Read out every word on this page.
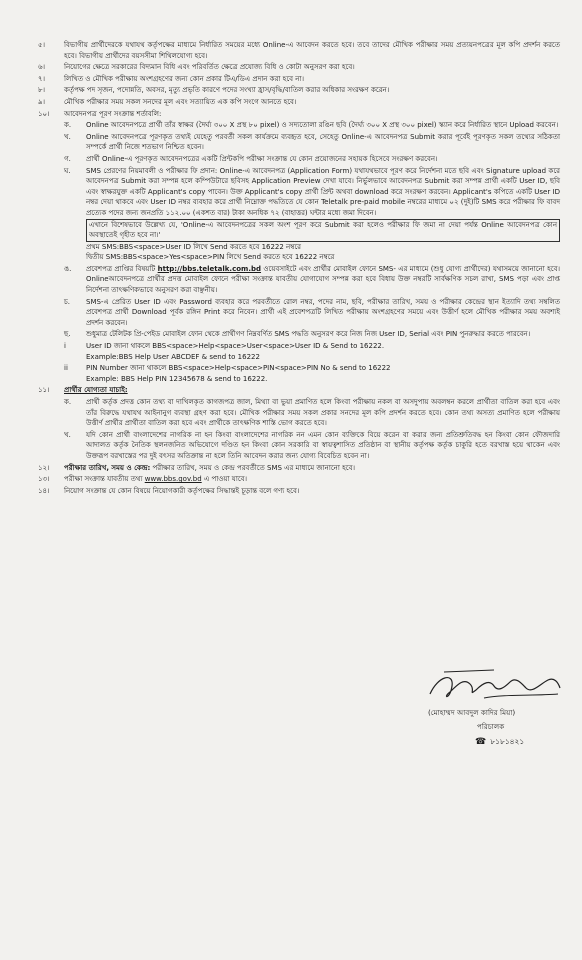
৫।	বিভাগীয় প্রার্থীদেরকে যথাযথ কর্তৃপক্ষের মাধ্যমে নির্ধারিত সময়ের মধ্যে Online-এ আবেদন করতে হবে। তবে তাদের মৌখিক পরীক্ষার সময় প্রত্যয়নপত্রের মূল কপি প্রদর্শন করতে হবে। বিভাগীয় প্রার্থীদের বয়সসীমা শিথিলযোগ্য হবে।
৬।	নিয়োগের ক্ষেত্রে সরকারের বিদ্যমান বিধি এবং পরিবর্তিত ক্ষেত্রে প্রযোজ্য বিধি ও কোটা অনুসরণ করা হবে।
৭।	লিখিত ও মৌখিক পরীক্ষায় অংশগ্রহণের জন্য কোন প্রকার টিএ/ডিএ প্রদান করা হবে না।
৮।	কর্তৃপক্ষ পদ সৃজন, পদোন্নতি, অবসর, মৃত্যু প্রভৃতি কারণে পদের সংখ্যা হ্রাস/বৃদ্ধি/বাতিল করার অধিকার সংরক্ষণ করেন।
৯।	মৌখিক পরীক্ষার সময় সকল সনদের মূল এবং সত্যায়িত এক কপি সংগে আনতে হবে।
১০।	আবেদনপত্র পূরণ সংক্রান্ত শর্তাবলি:
ক.	Online আবেদনপত্রে প্রার্থী তাঁর স্বাক্ষর (দৈর্ঘ্য ৩০০ X প্রস্থ ৮০ pixel) ও সদ্যতোলা রঙিন ছবি (দৈর্ঘ্য ৩০০ X প্রস্থ ৩০০ pixel) স্ক্যান করে নির্ধারিত স্থানে Upload করবেন।
খ.	Online আবেদনপত্রে পূরণকৃত তথ্যই যেহেতু পরবর্তী সকল কার্যক্রমে ব্যবহৃত হবে, সেহেতু Online-এ আবেদনপত্র Submit করার পূর্বেই পূরণকৃত সকল তথ্যের সঠিকতা সম্পর্কে প্রার্থী নিজে শতভাগ নিশ্চিত হবেন।
গ.	প্রার্থী Online-এ পূরণকৃত আবেদনপত্রের একটি প্রিন্টকপি পরীক্ষা সংক্রান্ত যে কোন প্রয়োজনের সহায়ক হিসেবে সংরক্ষণ করবেন।
ঘ.	SMS প্রেরণের নিয়মাবলী ও পরীক্ষার ফি প্রদান: Online-এ আবেদনপত্র (Application Form) যথাযথভাবে পূরণ করে নির্দেশনা মতে ছবি এবং Signature upload করে আবেদনপত্র Submit করা সম্পন্ন হলে কম্পিউটারে ছবিসহ Application Preview দেখা যাবে। নির্ভুলভাবে আবেদনপত্র Submit করা সম্পন্ন প্রার্থী একটি User ID, ছবি এবং স্বাক্ষরযুক্ত একটি Applicant's copy পাবেন। উক্ত Applicant's copy প্রার্থী প্রিন্ট অথবা download করে সংরক্ষণ করবেন। Applicant's কপিতে একটি User ID নম্বর দেয়া থাকবে এবং User ID নম্বর ব্যবহার করে প্রার্থী নিম্নোক্ত পদ্ধতিতে যে কোন Teletalk pre-paid mobile নম্বরের মাধ্যমে ০২ (দুই)টি SMS করে পরীক্ষার ফি বাবদ প্রত্যেক পদের জন্য জনপ্রতি ১১২.০০ (একশত বার) টাকা অনধিক ৭২ (বাহাত্তর) ঘন্টার মধ্যে জমা দিবেন।
এখানে বিশেষভাবে উল্লেখ্য যে, 'Online-এ আবেদনপত্রের সকল অংশ পূরণ করে Submit করা হলেও পরীক্ষার ফি জমা না দেয়া পর্যন্ত Online আবেদনপত্র কোন অবস্থাতেই গৃহীত হবে না।'
প্রথম SMS:BBS<space>User ID লিখে Send করতে হবে 16222 নম্বরে
দ্বিতীয় SMS:BBS<space>Yes<space>PIN লিখে Send করতে হবে 16222 নম্বরে
ঙ.	প্রবেশপত্র প্রাপ্তির বিষয়টি http://bbs.teletalk.com.bd ওয়েবসাইটে এবং প্রার্থীর মোবাইল ফোনে SMS- এর মাধ্যমে (শুধু যোগ্য প্রার্থীদের) যথাসময়ে জানানো হবে। Onlineআবেদনপত্রে প্রার্থীর প্রদত্ত মোবাইল ফোনে পরীক্ষা সংক্রান্ত যাবতীয় যোগাযোগ সম্পন্ন করা হবে বিধায় উক্ত নম্বরটি সার্বক্ষণিক সচল রাখা, SMS পড়া এবং প্রাপ্ত নির্দেশনা তাৎক্ষণিকভাবে অনুসরণ করা বাঞ্ছনীয়।
চ.	SMS-এ প্রেরিত User ID এবং Password ব্যবহার করে পরবর্তীতে রোল নম্বর, পদের নাম, ছবি, পরীক্ষার তারিখ, সময় ও পরীক্ষার কেন্দ্রের স্থান ইত্যাদি তথ্য সম্বলিত প্রবেশপত্র প্রার্থী Download পূর্বক রঙ্গিন Print করে নিবেন। প্রার্থী এই প্রবেশপত্রটি লিখিত পরীক্ষায় অংশগ্রহণের সময়ে এবং উত্তীর্ণ হলে মৌখিক পরীক্ষার সময় অবশ্যই প্রদর্শন করবেন।
ছ.	শুধুমাত্র টেলিটক প্রি-পেইড মোবাইল ফোন থেকে প্রার্থীগণ নিম্নবর্ণিত SMS পদ্ধতি অনুসরণ করে নিজ নিজ User ID, Serial এবং PIN পুনরুদ্ধার করতে পারবেন।
i	User ID জানা থাকলে BBS<space>Help<space>User<space>User ID & Send to 16222.
Example:BBS Help User ABCDEF & send to 16222
ii	PIN Number জানা থাকলে BBS<space>Help<space>PIN<space>PIN No & send to 16222
Example: BBS Help PIN 12345678 & send to 16222.
১১।	প্রার্থীর যোগ্যতা যাচাই:
ক.	প্রার্থী কর্তৃক প্রদত্ত কোন তথ্য বা দাখিলকৃত কাগজপত্র জাল, মিথ্যা বা ভুয়া প্রমাণিত হলে কিংবা পরীক্ষায় নকল বা অসদুপায় অবলম্বন করলে প্রার্থীতা বাতিল করা হবে এবং তাঁর বিরুদ্ধে যথাযথ আইনানুগ ব্যবস্থা গ্রহণ করা হবে। মৌখিক পরীক্ষার সময় সকল প্রকার সনদের মূল কপি প্রদর্শন করতে হবে। কোন তথ্য অসত্য প্রমাণিত হলে পরীক্ষায় উত্তীর্ণ প্রার্থীর প্রার্থীতা বাতিল করা হবে এবং প্রার্থীকে তাৎক্ষণিক শাস্তি ভোগ করতে হবে।
খ.	যদি কোন প্রার্থী বাংলাদেশের নাগরিক না হন কিংবা বাংলাদেশের নাগরিক নন এমন কোন ব্যক্তিকে বিয়ে করেন বা করার জন্য প্রতিশ্রুতিবদ্ধ হন কিংবা কোন ফৌজদারি আদালত কর্তৃক নৈতিক স্থলনজনিত অভিযোগে দণ্ডিত হন কিংবা কোন সরকারি বা স্বায়ত্বশাসিত প্রতিষ্ঠান বা স্থানীয় কর্তৃপক্ষ কর্তৃক চাকুরি হতে বরখাস্ত হয়ে থাকেন এবং উক্তরূপ বরখাস্তের পর দুই বৎসর অতিক্রান্ত না হলে তিনি আবেদন করার জন্য যোগ্য বিবেচিত হবেন না।
১২।	পরীক্ষার তারিখ, সময় ও কেন্দ্র: পরীক্ষার তারিখ, সময় ও কেন্দ্র পরবর্তীতে SMS এর মাধ্যমে জানানো হবে।
১৩।	পরীক্ষা সংক্রান্ত যাবতীয় তথ্য www.bbs.gov.bd এ পাওয়া যাবে।
১৪।	নিয়োগ সংক্রান্ত যে কোন বিষয়ে নিয়োগকারী কর্তৃপক্ষের সিদ্ধান্তই চূড়ান্ত বলে গণ্য হবে।
(মোহাম্মদ আবদুল কাদির মিয়া)
পরিচালক
☎ ৮১৮১৪২১
